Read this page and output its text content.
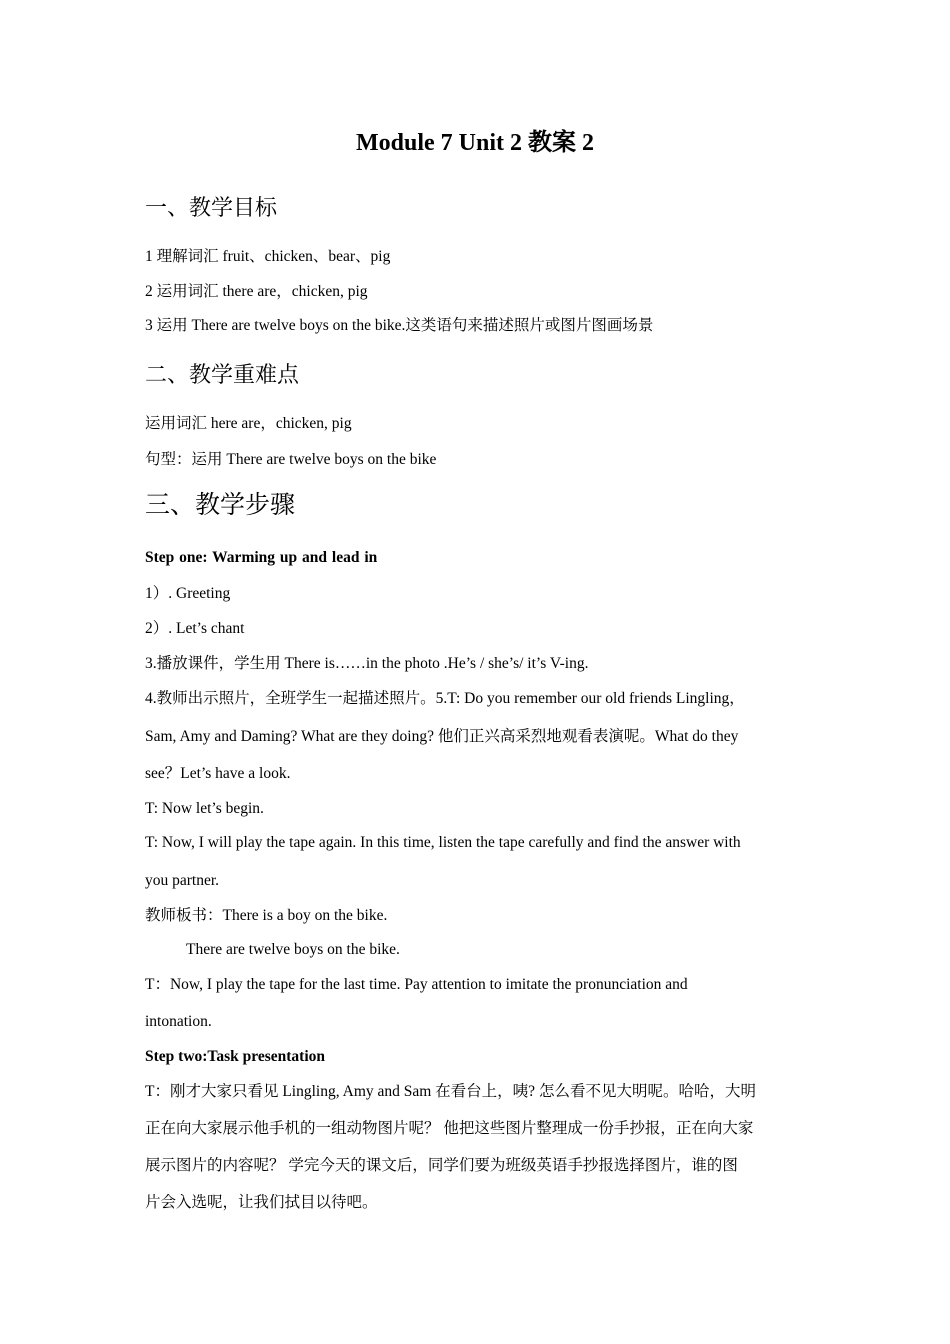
Module 7 Unit 2 教案 2
一、教学目标
1 理解词汇 fruit、chicken、bear、pig
2 运用词汇 there are，chicken, pig
3 运用 There are twelve boys on the bike.这类语句来描述照片或图片图画场景
二、教学重难点
运用词汇 here are，chicken, pig
句型：运用 There are twelve boys on the bike
三、教学步骤
Step one: Warming up and lead in
1）. Greeting
2）. Let’s chant
3.播放课件，学生用 There is……in the photo .He’s / she’s/ it’s V-ing.
4.教师出示照片，全班学生一起描述照片。5.T: Do you remember our old friends Lingling，
Sam, Amy and Daming? What are they doing? 他们正兴高采烈地观看表演呢。What do they
see？Let’s have a look.
T: Now let’s begin.
T: Now, I will play the tape again. In this time, listen the tape carefully and find the answer with
you partner.
教师板书：There is a boy on the bike.
There are twelve boys on the bike.
T：Now, I play the tape for the last time. Pay attention to imitate the pronunciation and
intonation.
Step two:Task presentation
T：刚才大家只看见 Lingling, Amy and Sam 在看台上，咦? 怎么看不见大明呢。哈哈，大明
正在向大家展示他手机的一组动物图片呢？ 他把这些图片整理成一份手抄报，正在向大家
展示图片的内容呢？ 学完今天的课文后，同学们要为班级英语手抄报选择图片，谁的图
片会入选呢，让我们拭目以待吧。
